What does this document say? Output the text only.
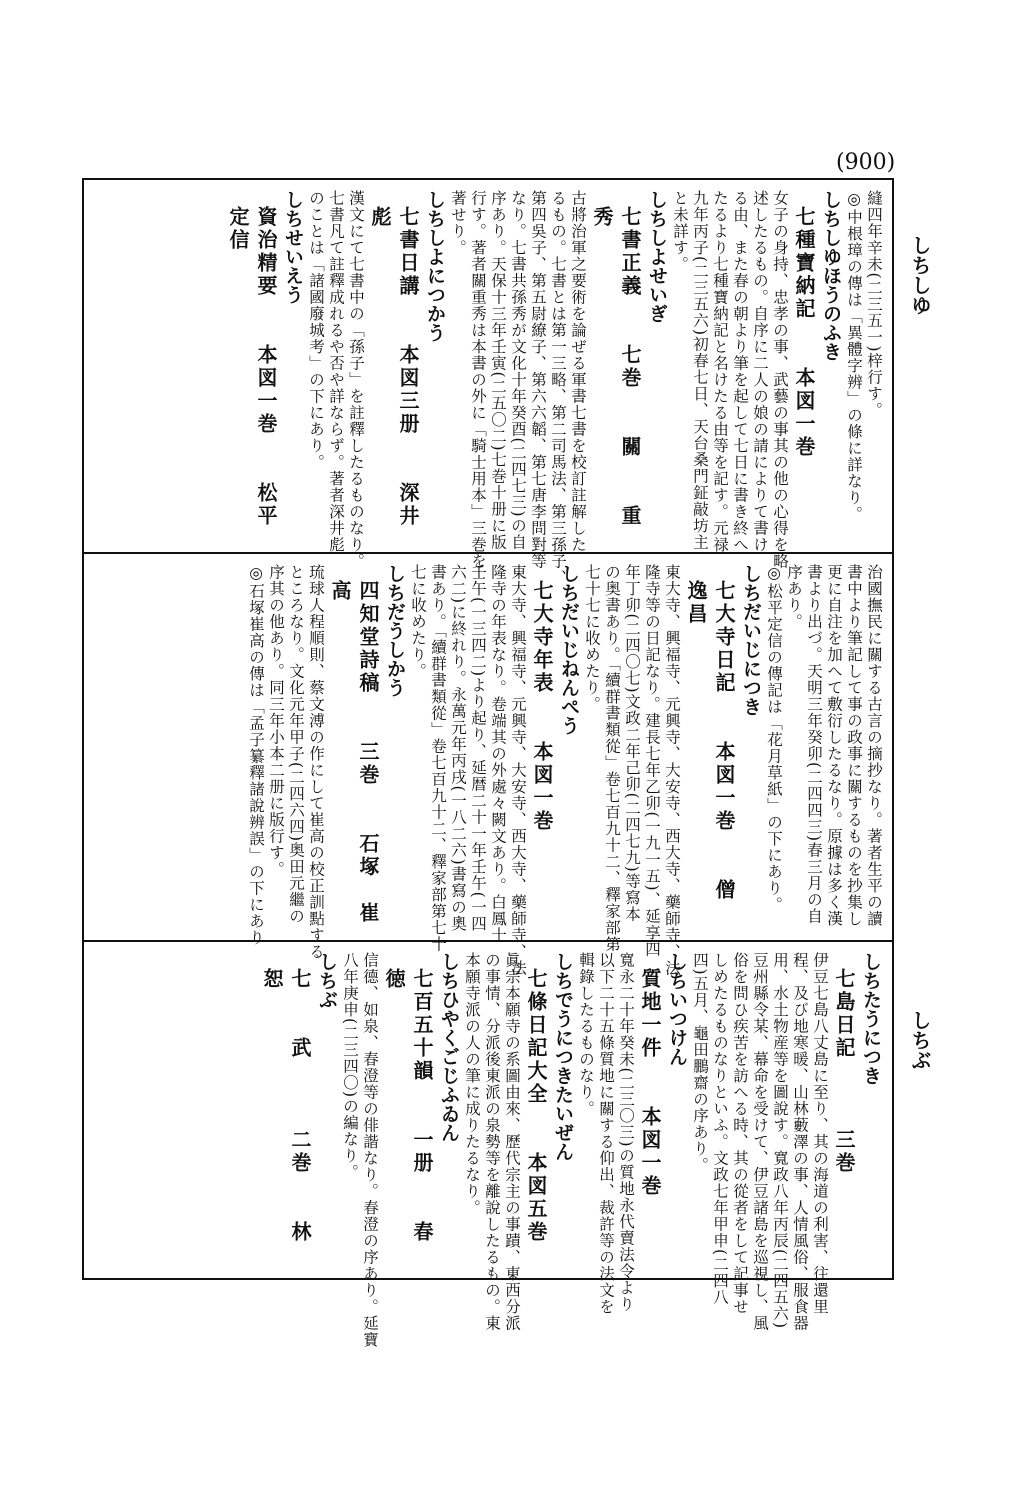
(900)
しちしゆ
しちぶ
縫四年辛未(二三五一)梓行す。
◎中根璋の傳は「異體字辨」の條に詳なり。
しちしゆほうのふき
七種寶納記　　本図一巻
女子の身持、忠孝の事、武藝の事其の他の心得を略
述したるもの。自序に二人の娘の請によりて書け
る由、また春の朝より筆を起して七日に書き終へ
たるより七種寶納記と名けたる由等を記す。元禄
九年丙子(二三五六)初春七日、天台桑門鉦敲坊主
と未詳す。
しちしよせいぎ
七書正義　　七巻　　關　　重秀
古將治軍之要術を論ぜる軍書七書を校訂註解した
るもの。七書とは第一三略、第二司馬法、第三孫子、
第四吳子、第五尉繚子、第六六韜、第七唐李問對等
なり。七書共孫秀が文化十年癸酉(二四七三)の自
序あり。天保十三年壬寅(二五〇二)七巻十册に版
行す。著者關重秀は本書の外に「騎士用本」三巻を
著せり。
しちしよにつかう
七書日講　　本図三册　　深井　　彪
漢文にて七書中の「孫子」を註釋したるものなり。
七書凡て註釋成れるや否や詳ならず。著者深井彪
のことは「諸國廢城考」の下にあり。
しちせいえう
資治精要　　本図一巻　　松平　定信
治國撫民に關する古言の摘抄なり。著者生平の讀
書中より筆記して事の政事に關するものを抄集し
更に自注を加へて敷衍したるなり。原據は多く漢
書より出づ。天明三年癸卯(二四四三)春三月の自
序あり。
◎松平定信の傳記は「花月草紙」の下にあり。
しちだいじにつき
七大寺日記　　本図一巻　　僧　　逸昌
東大寺、興福寺、元興寺、大安寺、西大寺、藥師寺、法
隆寺等の日記なり。建長七年乙卯(一九一五)、延享四
年丁卯(二四〇七)文政二年己卯(二四七九)等寫本
の奥書あり。「續群書類從」卷七百九十二、釋家部第
七十七に收めたり。
しちだいじねんぺう
七大寺年表　　本図一巻
東大寺、興福寺、元興寺、大安寺、西大寺、藥師寺、法
隆寺の年表なり。卷端其の外處々闕文あり。白鳳十
壬午(一三四二)より起り、延暦二十一年壬午(一四
六二)に終れり。永萬元年丙戌(一八二六)書寫の奧
書あり。「續群書類從」卷七百九十二、釋家部第七十
七に收めたり。
しちだうしかう
四知堂詩稿　　三巻　　石塚　崔高
琉球人程順則、蔡文溥の作にして崔高の校正訓點する
ところなり。文化元年甲子(二四六四)奥田元繼の
序其の他あり。同三年小本二册に版行す。
◎石塚崔高の傳は「孟子纂釋諸說辨誤」の下にあり
しちたうにつき
七島日記　　　三巻
伊豆七島八丈島に至り、其の海道の利害、往還里
程、及び地寒暖、山林藪澤の事、人情風俗、服食器
用、水土物産等を圖說す。寬政八年丙辰(二四五六)
豆州縣令某、幕命を受けて、伊豆諸島を巡視し、風
俗を問ひ疾苦を訪へる時、其の從者をして記事せ
しめたるものなりといふ。文政七年甲申(二四八
四)五月、龜田鵬齋の序あり。
しちいつけん
質地一件　　本図一巻
寬永二十年癸未(二三〇三)の質地永代賣法令より
以下二十五條質地に關する仰出、裁許等の法文を
輯錄したるものなり。
しちでうにつきたいぜん
七條日記大全　　本図五巻
眞宗本願寺の系圖由來、歷代宗主の事蹟、東西分派
の事情、分派後東派の泉勢等を離說したるもの。東
本願寺派の人の筆に成りたるなり。
しちひやくごじふゐん
七百五十韻　　一册　　春　　徳
信德、如泉、春澄等の俳諧なり。春澄の序あり。延寶
八年庚申(二三四〇)の編なり。
しちぶ
七　　武　　　二巻　　林　　　恕
